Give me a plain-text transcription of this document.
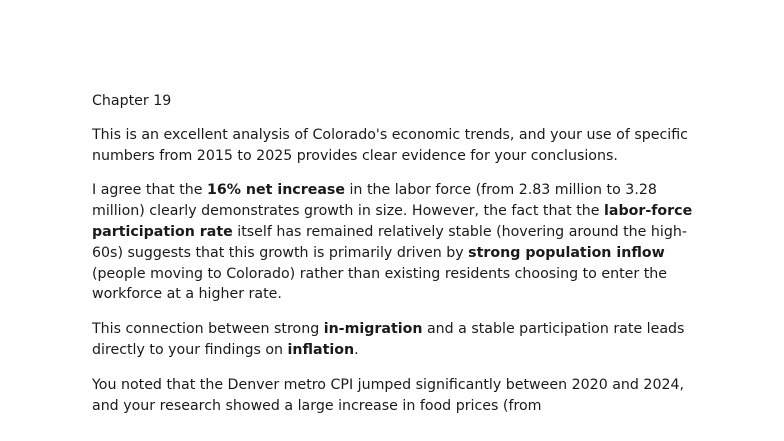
Chapter 19

This is an excellent analysis of Colorado's economic trends, and your use of specific numbers from 2015 to 2025 provides clear evidence for your conclusions.

I agree that the 16% net increase in the labor force (from 2.83 million to 3.28 million) clearly demonstrates growth in size. However, the fact that the labor-force participation rate itself has remained relatively stable (hovering around the high-60s) suggests that this growth is primarily driven by strong population inflow (people moving to Colorado) rather than existing residents choosing to enter the workforce at a higher rate.

This connection between strong in-migration and a stable participation rate leads directly to your findings on inflation.

You noted that the Denver metro CPI jumped significantly between 2020 and 2024, and your research showed a large increase in food prices (from
